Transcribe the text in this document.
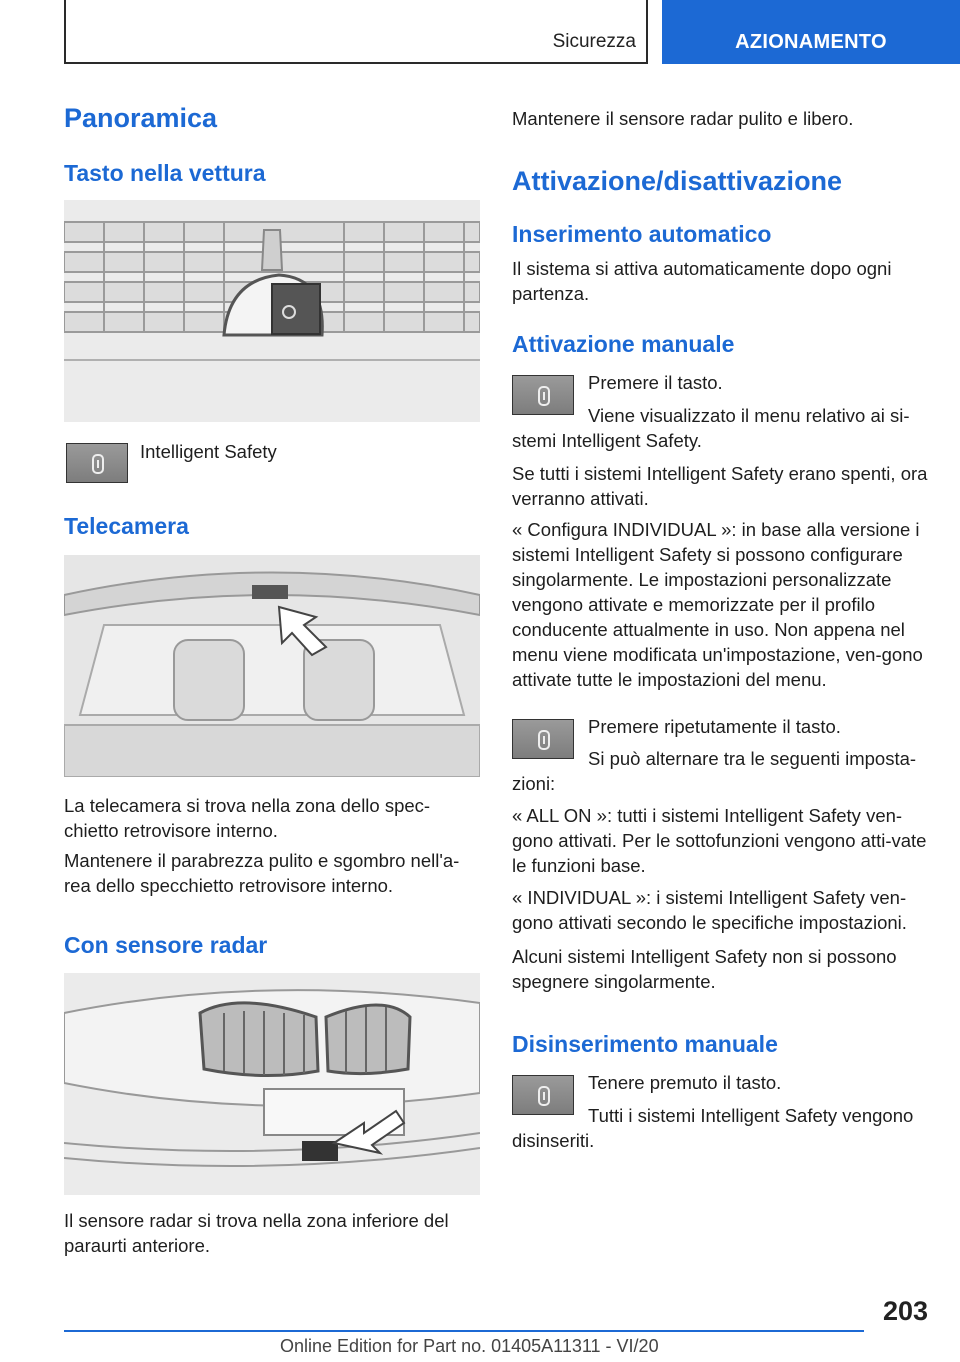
Sicurezza	AZIONAMENTO
Panoramica
Tasto nella vettura

Intelligent Safety

Telecamera

La telecamera si trova nella zona dello spec-chietto retrovisore interno.

Mantenere il parabrezza pulito e sgombro nell'a-rea dello specchietto retrovisore interno.

Con sensore radar

Il sensore radar si trova nella zona inferiore del paraurti anteriore.

Mantenere il sensore radar pulito e libero.

Attivazione/disattivazione
Inserimento automatico

Il sistema si attiva automaticamente dopo ogni partenza.

Attivazione manuale

Premere il tasto.

Viene visualizzato il menu relativo ai si-stemi Intelligent Safety.

Se tutti i sistemi Intelligent Safety erano spenti, ora verranno attivati.

« Configura INDIVIDUAL »: in base alla versione i sistemi Intelligent Safety si possono configurare singolarmente. Le impostazioni personalizzate vengono attivate e memorizzate per il profilo conducente attualmente in uso. Non appena nel menu viene modificata un'impostazione, ven-gono attivate tutte le impostazioni del menu.

Premere ripetutamente il tasto.

Si può alternare tra le seguenti imposta-zioni:

« ALL ON »: tutti i sistemi Intelligent Safety ven-gono attivati. Per le sottofunzioni vengono atti-vate le funzioni base.

« INDIVIDUAL »: i sistemi Intelligent Safety ven-gono attivati secondo le specifiche impostazioni.

Alcuni sistemi Intelligent Safety non si possono spegnere singolarmente.

Disinserimento manuale

Tenere premuto il tasto.

Tutti i sistemi Intelligent Safety vengono disinseriti.

203
Online Edition for Part no. 01405A11311 - VI/20
